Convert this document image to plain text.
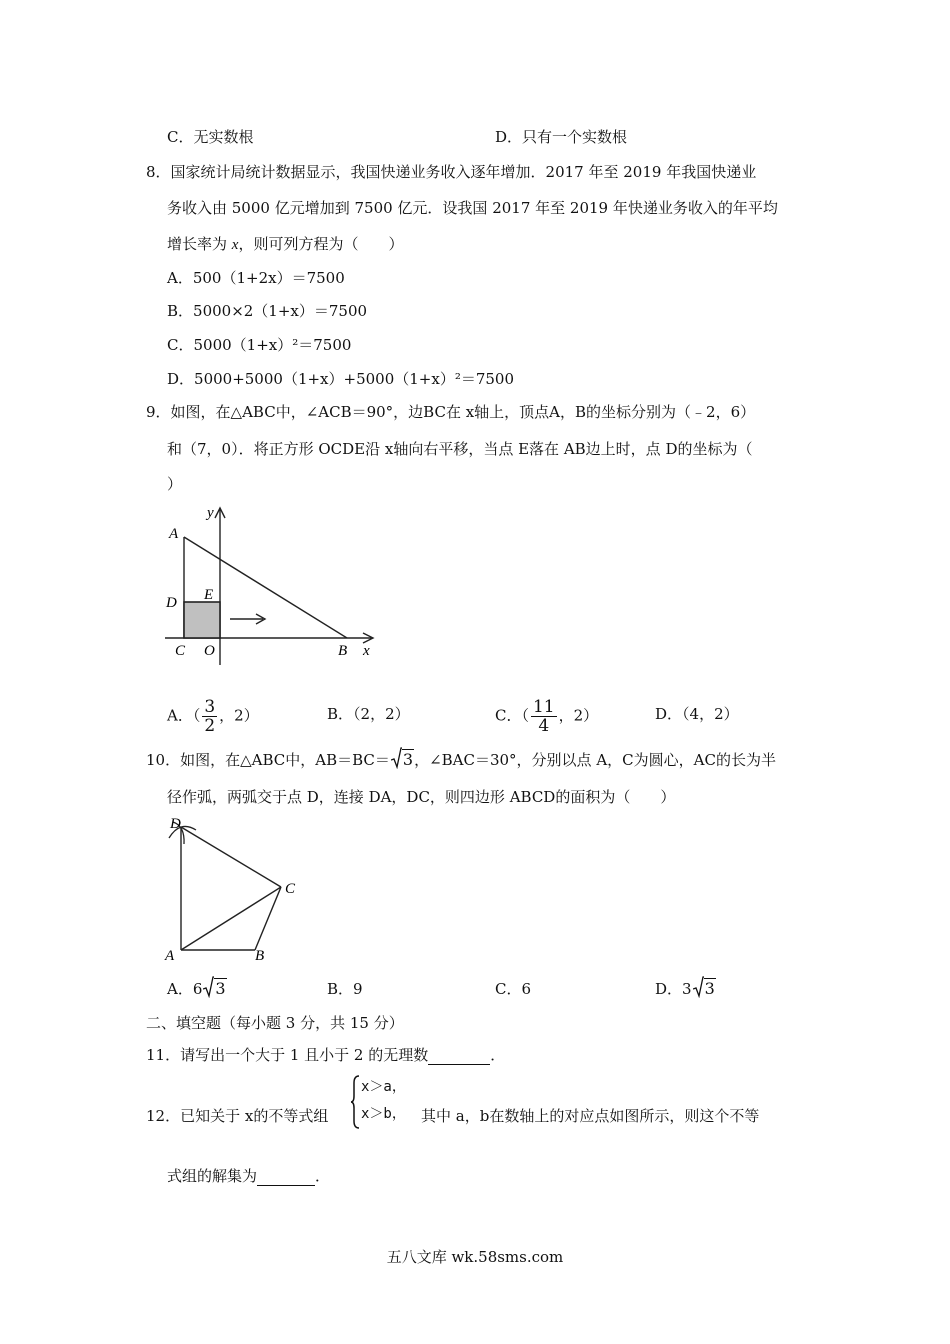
C．无实数根	D．只有一个实数根
8．国家统计局统计数据显示，我国快递业务收入逐年增加．2017 年至 2019 年我国快递业
务收入由 5000 亿元增加到 7500 亿元．设我国 2017 年至 2019 年快递业务收入的年平均
增长率为 x，则可列方程为（　　）
A．500（1+2x）＝7500
B．5000×2（1+x）＝7500
C．5000（1+x）²＝7500
D．5000+5000（1+x）+5000（1+x）²＝7500
9．如图，在△ABC中，∠ACB＝90°，边BC在 x轴上，顶点A，B的坐标分别为（﹣2，6）
和（7，0）．将正方形 OCDE沿 x轴向右平移，当点 E落在 AB边上时，点 D的坐标为（
）
y
A
D E
C O	B x
A．（ $\frac{3}{2}$ ，2）	B．（2，2）	C．（ $\frac{11}{4}$ ，2）	D．（4，2）
10．如图，在△ABC中，AB＝BC＝ 3，∠BAC＝30°，分别以点 A，C为圆心，AC的长为半
径作弧，两弧交于点 D，连接 DA，DC，则四边形 ABCD的面积为（　　）
D
C
A	B
A．6 3	B．9	C．6	D．3 3
二、填空题（每小题 3 分，共 15 分）
11．请写出一个大于 1 且小于 2 的无理数	．
12．已知关于 x的不等式组
x＞a，
x＞b， 其中 a，b在数轴上的对应点如图所示，则这个不等
式组的解集为	．
五八文库 wk.58sms.com
